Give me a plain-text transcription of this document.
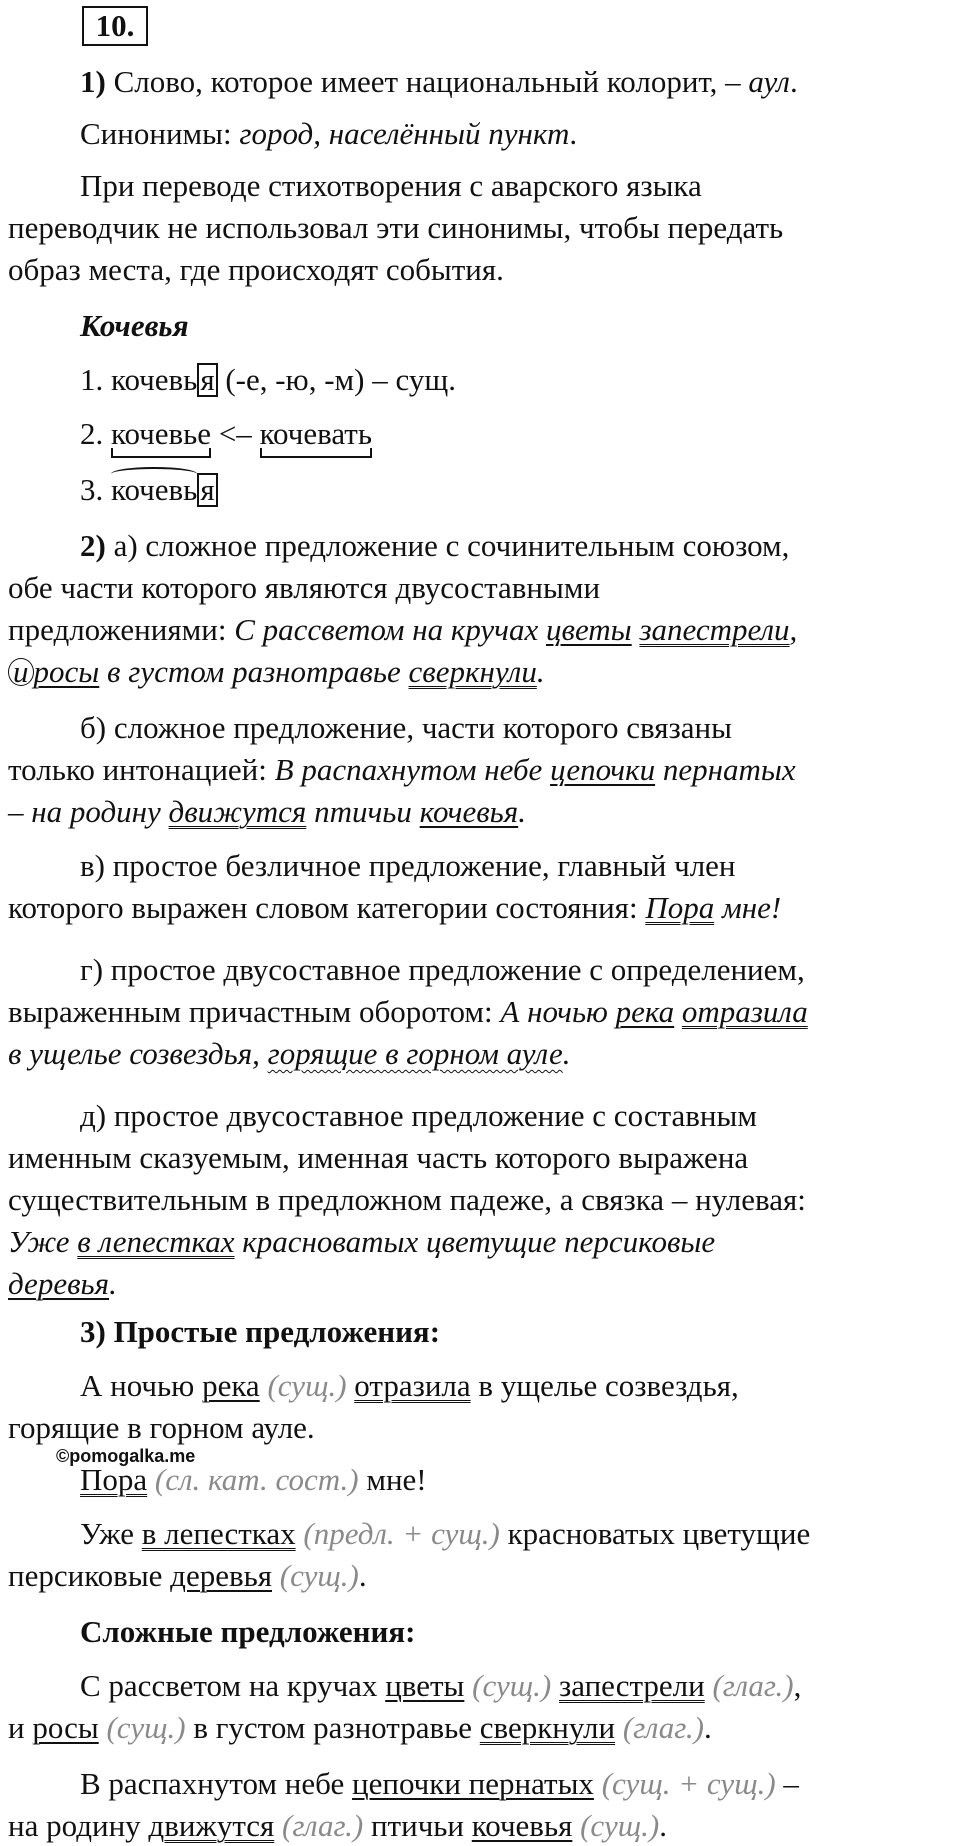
10.
1) Слово, которое имеет национальный колорит, – аул.
Синонимы: город, населённый пункт.
При переводе стихотворения с аварского языка
переводчик не использовал эти синонимы, чтобы передать
образ места, где происходят события.
Кочевья
1. кочевья (-е, -ю, -м) – сущ.
2. кочевье <– кочевать
3. кочевья
2) а) сложное предложение с сочинительным союзом,
обе части которого являются двусоставными
предложениями: С рассветом на кручах цветы запестрели,
и росы в густом разнотравье сверкнули.
б) сложное предложение, части которого связаны
только интонацией: В распахнутом небе цепочки пернатых
– на родину движутся птичьи кочевья.
в) простое безличное предложение, главный член
которого выражен словом категории состояния: Пора мне!
г) простое двусоставное предложение с определением,
выраженным причастным оборотом: А ночью река отразила
в ущелье созвездья, горящие в горном ауле.
д) простое двусоставное предложение с составным
именным сказуемым, именная часть которого выражена
существительным в предложном падеже, а связка – нулевая:
Уже в лепестках красноватых цветущие персиковые
деревья.
3) Простые предложения:
А ночью река (сущ.) отразила в ущелье созвездья,
горящие в горном ауле.
©pomogalka.me
Пора (сл. кат. сост.) мне!
Уже в лепестках (предл. + сущ.) красноватых цветущие
персиковые деревья (сущ.).
Сложные предложения:
С рассветом на кручах цветы (сущ.) запестрели (глаг.),
и росы (сущ.) в густом разнотравье сверкнули (глаг.).
В распахнутом небе цепочки пернатых (сущ. + сущ.) –
на родину движутся (глаг.) птичьи кочевья (сущ.).
